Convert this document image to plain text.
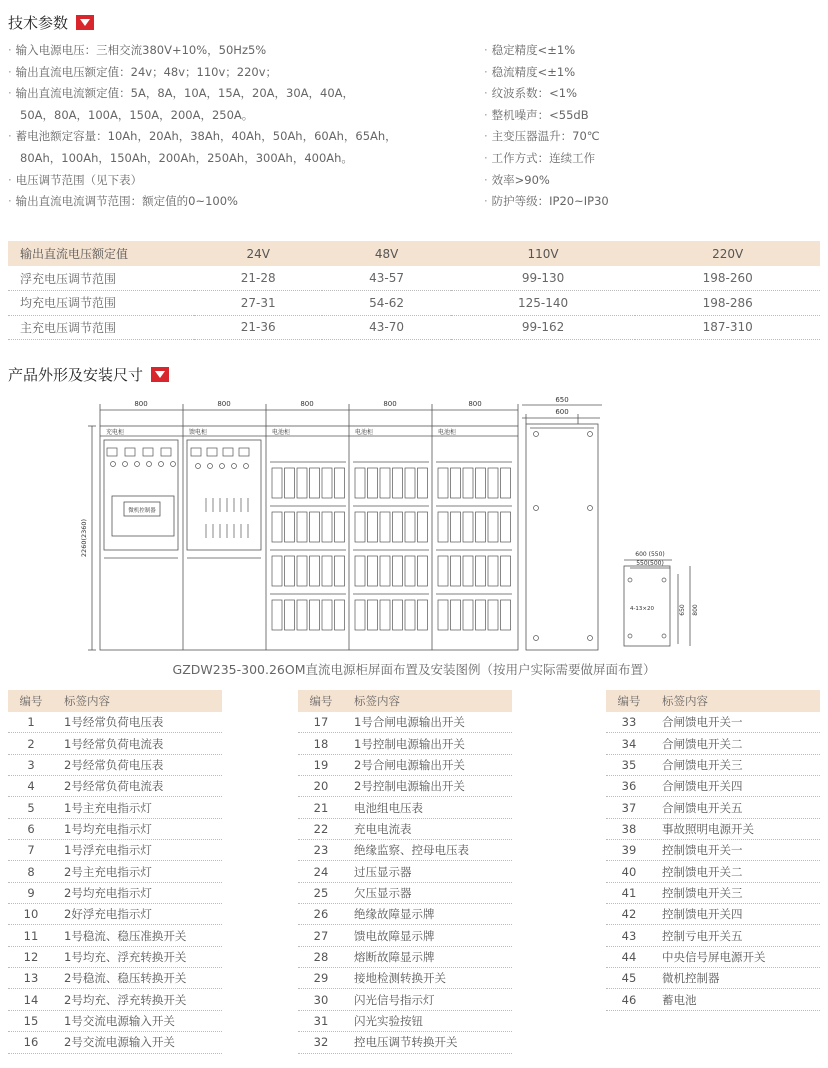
技术参数
· 输入电源电压：三相交流380V+10%，50Hz5%
· 输出直流电压额定值：24v；48v；110v；220v；
· 输出直流电流额定值：5A，8A，10A，15A，20A，30A，40A，
50A，80A，100A，150A，200A，250A。
· 蓄电池额定容量：10Ah，20Ah，38Ah，40Ah，50Ah，60Ah，65Ah，
80Ah，100Ah，150Ah，200Ah，250Ah，300Ah，400Ah。
· 电压调节范围（见下表）
· 输出直流电流调节范围：额定值的0~100%
· 稳定精度<±1%
· 稳流精度<±1%
· 纹波系数：<1%
· 整机噪声：<55dB
· 主变压器温升：70℃
· 工作方式：连续工作
· 效率>90%
· 防护等级：IP20~IP30
输出直流电压额定值	24V	48V	110V	220V
浮充电压调节范围	21-28	43-57	99-130	198-260
均充电压调节范围	27-31	54-62	125-140	198-286
主充电压调节范围	21-36	43-70	99-162	187-310
产品外形及安装尺寸
800	800	800	800	800
充电柜	馈电柜	电池柜	电池柜	电池柜
微机控制器
2260(2360)
650
600
600 (550)
550(500)
4-13×20	650 800
GZDW235-300.26OM直流电源柜屏面布置及安装图例（按用户实际需要做屏面布置）
编号	标签内容
1	1号经常负荷电压表
2	1号经常负荷电流表
3	2号经常负荷电压表
4	2号经常负荷电流表
5	1号主充电指示灯
6	1号均充电指示灯
7	1号浮充电指示灯
8	2号主充电指示灯
9	2号均充电指示灯
10	2好浮充电指示灯
11	1号稳流、稳压准换开关
12	1号均充、浮充转换开关
13	2号稳流、稳压转换开关
14	2号均充、浮充转换开关
15	1号交流电源输入开关
16	2号交流电源输入开关
编号	标签内容
17	1号合闸电源输出开关
18	1号控制电源输出开关
19	2号合闸电源输出开关
20	2号控制电源输出开关
21	电池组电压表
22	充电电流表
23	绝缘监察、控母电压表
24	过压显示器
25	欠压显示器
26	绝缘故障显示牌
27	馈电故障显示牌
28	熔断故障显示牌
29	接地检测转换开关
30	闪光信号指示灯
31	闪光实验按钮
32	控电压调节转换开关
编号	标签内容
33	合闸馈电开关一
34	合闸馈电开关二
35	合闸馈电开关三
36	合闸馈电开关四
37	合闸馈电开关五
38	事故照明电源开关
39	控制馈电开关一
40	控制馈电开关二
41	控制馈电开关三
42	控制馈电开关四
43	控制亏电开关五
44	中央信号屏电源开关
45	微机控制器
46	蓄电池
